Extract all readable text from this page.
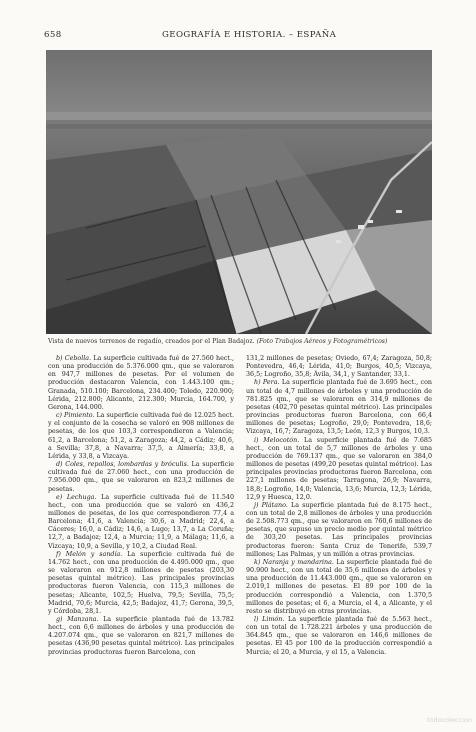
658	GEOGRAFÍA E HISTORIA. – ESPAÑA
Vista de nuevos terrenos de regadío, creados por el Plan Badajoz. (Foto Trabajos Aéreos y Fotogramétricos)

b) Cebolla. La superficie cultivada fué de 27.560 hect., con una producción de 5.376.000 qm., que se valoraron en 947,7 millones de pesetas. Por el volumen de producción destacaron Valencia, con 1.443.100 qm.; Granada, 510.100; Barcelona, 234.400; Toledo, 220.900; Lérida, 212.800; Alicante, 212.300; Murcia, 164.700, y Gerona, 144.000.

c) Pimiento. La superficie cultivada fué de 12.025 hect. y el conjunto de la cosecha se valoró en 908 millones de pesetas, de los que 103,3 correspondieron a Valencia; 61,2, a Barcelona; 51,2, a Zaragoza; 44,2, a Cádiz; 40,6, a Sevilla; 37,8, a Navarra; 37,5, a Almería; 33,8, a Lérida, y 33,8, a Vizcaya.

d) Coles, repollos, lombardas y bróculis. La superficie cultivada fué de 27.060 hect., con una producción de 7.956.000 qm., que se valoraron en 823,2 millones de pesetas.

e) Lechuga. La superficie cultivada fué de 11.540 hect., con una producción que se valoró en 436,2 millones de pesetas, de los que correspondieron 77,4 a Barcelona; 41,6, a Valencia; 30,6, a Madrid; 22,4, a Cáceres; 16,0, a Cádiz; 14,6, a Lugo; 13,7, a La Coruña; 12,7, a Badajoz; 12,4, a Murcia; 11,9, a Málaga; 11,6, a Vizcaya; 10,9, a Sevilla, y 10,2, a Ciudad Real.

f) Melón y sandía. La superficie cultivada fué de 14.762 hect., con una producción de 4.495.000 qm., que se valoraron en 912,8 millones de pesetas (203,30 pesetas quintal métrico). Las principales provincias productoras fueron Valencia, con 115,3 millones de pesetas; Alicante, 102,5; Huelva, 79,5; Sevilla, 75,5; Madrid, 70,6; Murcia, 42,5; Badajoz, 41,7; Gerona, 39,5, y Córdoba, 28,1.

g) Manzana. La superficie plantada fué de 13.782 hect., con 6,6 millones de árboles y una producción de 4.207.074 qm., que se valoraron en 821,7 millones de pesetas (436,90 pesetas quintal métrico). Las principales provincias productoras fueron Barcelona, con

131,2 millones de pesetas; Oviedo, 67,4; Zaragoza, 50,8; Pontevedra, 46,4; Lérida, 41,0; Burgos, 40,5; Vizcaya, 36,5; Logroño, 35,8; Ávila, 34,1, y Santander, 33,1.

h) Pera. La superficie plantada fué de 3.695 hect., con un total de 4,7 millones de árboles y una producción de 781.825 qm., que se valoraron en 314,9 millones de pesetas (402,70 pesetas quintal métrico). Las principales provincias productoras fueron Barcelona, con 66,4 millones de pesetas; Logroño, 29,0; Pontevedra, 18,6; Vizcaya, 16,7; Zaragoza, 13,5; León, 12,3 y Burgos, 10,3.

i) Melocotón. La superficie plantada fué de 7.685 hect., con un total de 5,7 millones de árboles y una producción de 769.137 qm., que se valoraron en 384,0 millones de pesetas (499,20 pesetas quintal métrico). Las principales provincias productoras fueron Barcelona, con 227,1 millones de pesetas; Tarragona, 26,9; Navarra, 18,8; Logroño, 14,0; Valencia, 13,6; Murcia, 12,3; Lérida, 12,9 y Huesca, 12,0.

j) Plátano. La superficie plantada fué de 8.175 hect., con un total de 2,8 millones de árboles y una producción de 2.508.773 qm., que se valoraron en 760,6 millones de pesetas, que supuso un precio medio por quintal métrico de 303,20 pesetas. Las principales provincias productoras fueron: Santa Cruz de Tenerife, 539,7 millones; Las Palmas, y un millón a otras provincias.

k) Naranja y mandarina. La superficie plantada fué de 90.900 hect., con un total de 35,6 millones de árboles y una producción de 11.443.000 qm., que se valoraron en 2.019,1 millones de pesetas. El 89 por 100 de la producción correspondió a Valencia, con 1.370,5 millones de pesetas; el 6, a Murcia, el 4, a Alicante, y el resto se distribuyó en otras provincias.

l) Limón. La superficie plantada fué de 5.563 hect., con un total de 1.728.221 árboles y una producción de 364.845 qm., que se valoraron en 146,6 millones de pesetas. El 45 por 100 de la producción correspondió a Murcia; el 20, a Murcia, y el 15, a Valencia.

todocoleccion
